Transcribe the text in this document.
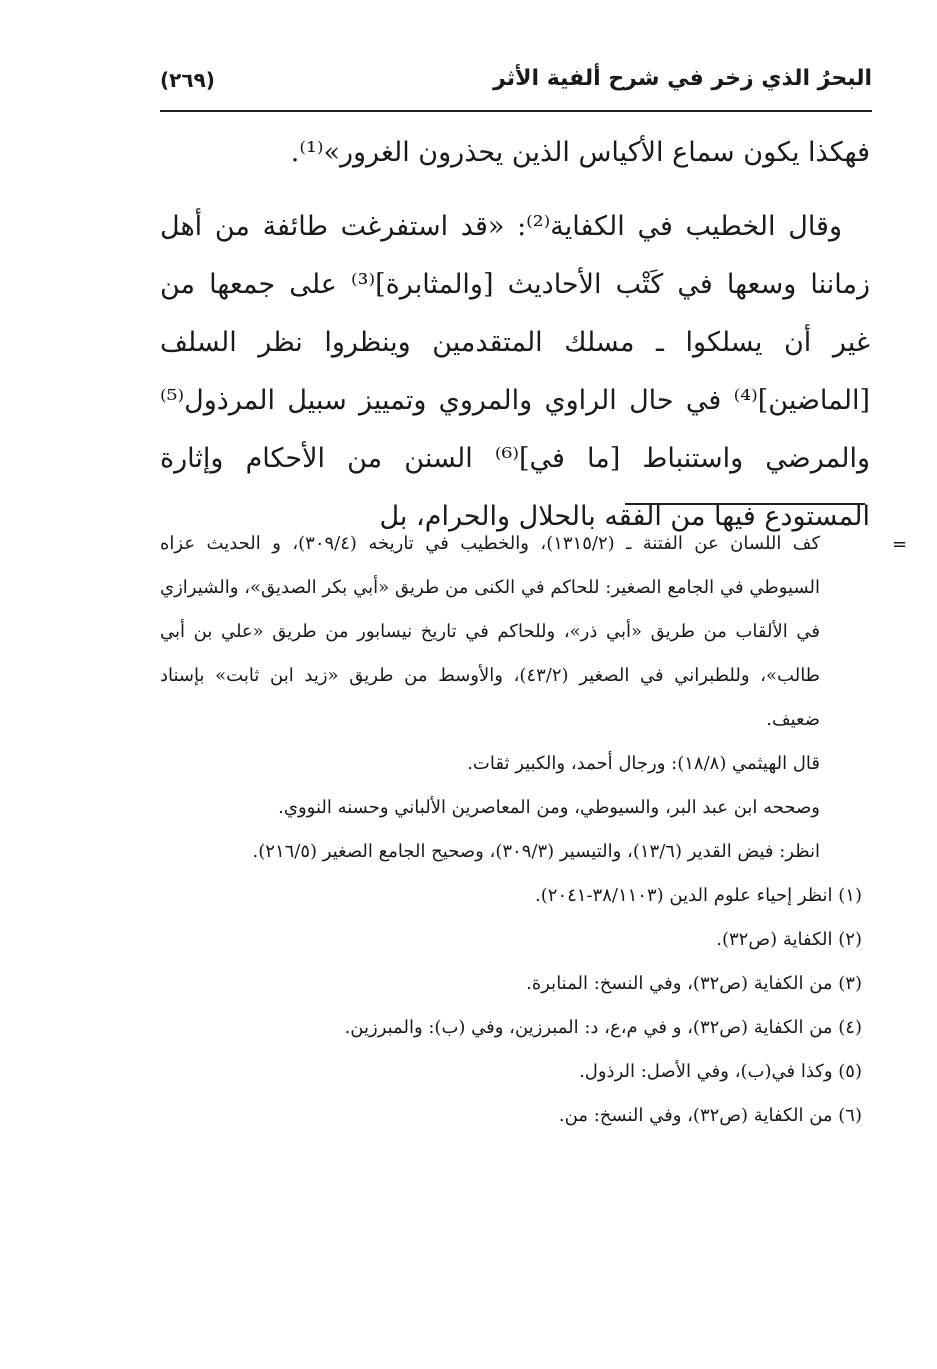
البحرُ الذي زخر في شرح ألفية الأثر
(٢٦٩)

فهكذا يكون سماع الأكياس الذين يحذرون الغرور»⁽¹⁾.

وقال الخطيب في الكفاية⁽²⁾: «قد استفرغت طائفة من أهل زماننا وسعها في كَتْب الأحاديث [والمثابرة]⁽³⁾ على جمعها من غير أن يسلكوا ـ مسلك المتقدمين وينظروا نظر السلف [الماضين]⁽⁴⁾ في حال الراوي والمروي وتمييز سبيل المرذول⁽⁵⁾ والمرضي واستنباط [ما في]⁽⁶⁾ السنن من الأحكام وإثارة المستودع فيها من الفقه بالحلال والحرام، بل

=

كف اللسان عن الفتنة ـ (١٣١٥/٢)، والخطيب في تاريخه (٣٠٩/٤)، و الحديث عزاه السيوطي في الجامع الصغير: للحاكم في الكنى من طريق «أبي بكر الصديق»، والشيرازي في الألقاب من طريق «أبي ذر»، وللحاكم في تاريخ نيسابور من طريق «علي بن أبي طالب»، وللطبراني في الصغير (٤٣/٢)، والأوسط من طريق «زيد ابن ثابت» بإسناد ضعيف.

قال الهيثمي (١٨/٨): ورجال أحمد، والكبير ثقات.

وصححه ابن عبد البر، والسيوطي، ومن المعاصرين الألباني وحسنه النووي.

انظر: فيض القدير (١٣/٦)، والتيسير (٣٠٩/٣)، وصحيح الجامع الصغير (٢١٦/٥).

(١) انظر إحياء علوم الدين (٣٨/١١٠٣-٢٠٤١).
(٢) الكفاية (ص٣٢).
(٣) من الكفاية (ص٣٢)، وفي النسخ: المنابرة.
(٤) من الكفاية (ص٣٢)، و في م،ع، د: المبرزين، وفي (ب): والمبرزين.
(٥) وكذا في(ب)، وفي الأصل: الرذول.
(٦) من الكفاية (ص٣٢)، وفي النسخ: من.
